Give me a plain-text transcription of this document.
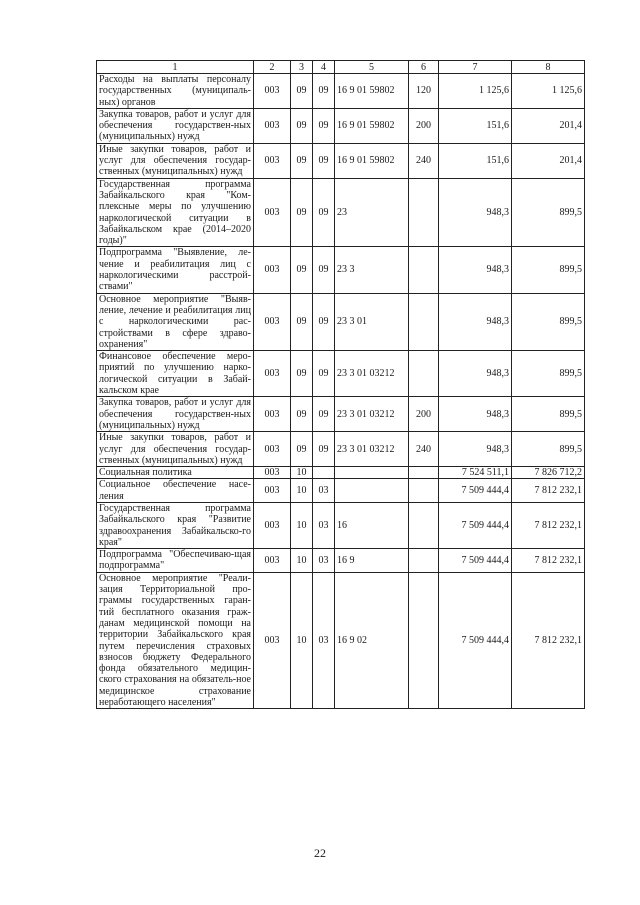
1	2	3	4	5	6	7	8
Расходы на выплаты персоналу государственных (муниципаль-ных) органов	003	09	09	16 9 01 59802	120	1 125,6	1 125,6
Закупка товаров, работ и услуг для обеспечения государствен-ных (муниципальных) нужд	003	09	09	16 9 01 59802	200	151,6	201,4
Иные закупки товаров, работ и услуг для обеспечения государ-ственных (муниципальных) нужд	003	09	09	16 9 01 59802	240	151,6	201,4
Государственная программа Забайкальского края "Ком-плексные меры по улучшению наркологической ситуации в Забайкальском крае (2014–2020 годы)"	003	09	09	23		948,3	899,5
Подпрограмма "Выявление, ле-чение и реабилитация лиц с наркологическими расстрой-ствами"	003	09	09	23 3		948,3	899,5
Основное мероприятие "Выяв-ление, лечение и реабилитация лиц с наркологическими рас-стройствами в сфере здраво-охранения"	003	09	09	23 3 01		948,3	899,5
Финансовое обеспечение меро-приятий по улучшению нарко-логической ситуации в Забай-кальском крае	003	09	09	23 3 01 03212		948,3	899,5
Закупка товаров, работ и услуг для обеспечения государствен-ных (муниципальных) нужд	003	09	09	23 3 01 03212	200	948,3	899,5
Иные закупки товаров, работ и услуг для обеспечения государ-ственных (муниципальных) нужд	003	09	09	23 3 01 03212	240	948,3	899,5
Социальная политика	003	10				7 524 511,1	7 826 712,2
Социальное обеспечение насе-ления	003	10	03			7 509 444,4	7 812 232,1
Государственная программа Забайкальского края "Развитие здравоохранения Забайкальско-го края"	003	10	03	16		7 509 444,4	7 812 232,1
Подпрограмма "Обеспечиваю-щая подпрограмма"	003	10	03	16 9		7 509 444,4	7 812 232,1
Основное мероприятие "Реали-зация Территориальной про-граммы государственных гаран-тий бесплатного оказания граж-данам медицинской помощи на территории Забайкальского края путем перечисления страховых взносов бюджету Федерального фонда обязательного медицин-ского страхования на обязатель-ное медицинское страхование неработающего населения"	003	10	03	16 9 02		7 509 444,4	7 812 232,1
22
